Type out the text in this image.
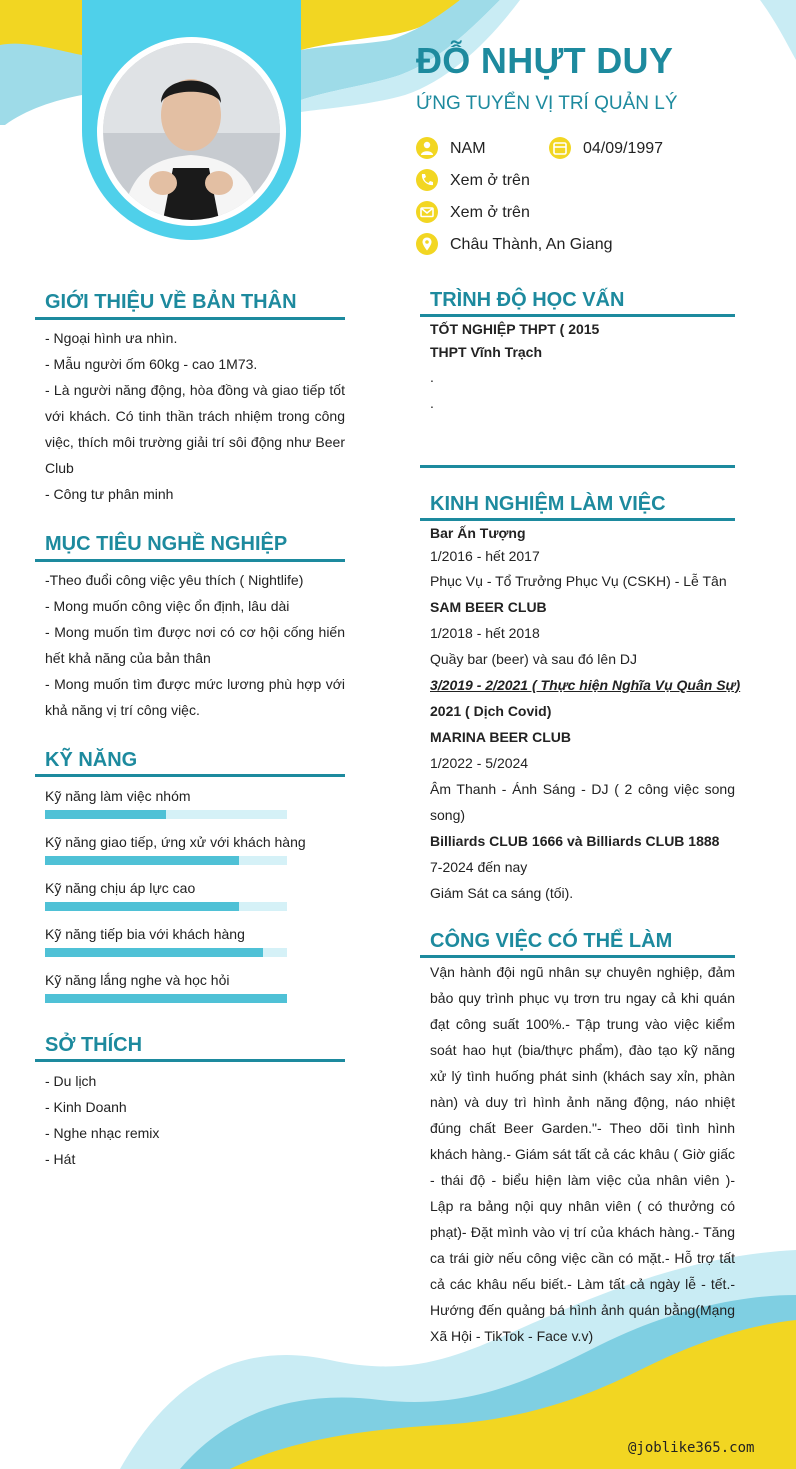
ĐỖ NHỰT DUY
ỨNG TUYỂN VỊ TRÍ QUẢN LÝ
NAM	04/09/1997
Xem ở trên
Xem ở trên
Châu Thành, An Giang
GIỚI THIỆU VỀ BẢN THÂN
- Ngoại hình ưa nhìn.
- Mẫu người ốm 60kg - cao 1M73.
- Là người năng động, hòa đồng và giao tiếp tốt với khách. Có tinh thần trách nhiệm trong công việc, thích môi trường giải trí sôi động như Beer Club
- Công tư phân minh
MỤC TIÊU NGHỀ NGHIỆP
-Theo đuổi công việc yêu thích ( Nightlife)
- Mong muốn công việc ổn định, lâu dài
- Mong muốn tìm được nơi có cơ hội cống hiến hết khả năng của bản thân
- Mong muốn tìm được mức lương phù hợp với khả năng vị trí công việc.
KỸ NĂNG
Kỹ năng làm việc nhóm
Kỹ năng giao tiếp, ứng xử với khách hàng
Kỹ năng chịu áp lực cao
Kỹ năng tiếp bia với khách hàng
Kỹ năng lắng nghe và học hỏi
SỞ THÍCH
- Du lịch
- Kinh Doanh
- Nghe nhạc remix
- Hát
TRÌNH ĐỘ HỌC VẤN
TỐT NGHIỆP THPT ( 2015
THPT Vĩnh Trạch
.
.
KINH NGHIỆM LÀM VIỆC
Bar Ấn Tượng
1/2016 - hết 2017
Phục Vụ - Tổ Trưởng Phục Vụ (CSKH) - Lễ Tân
SAM BEER CLUB
1/2018 - hết 2018
Quầy bar (beer) và sau đó lên DJ
3/2019 - 2/2021 ( Thực hiện Nghĩa Vụ Quân Sự)
2021 ( Dịch Covid)
MARINA BEER CLUB
1/2022 - 5/2024
Âm Thanh - Ánh Sáng - DJ ( 2 công việc song song)
Billiards CLUB 1666 và Billiards CLUB 1888
7-2024 đến nay
Giám Sát ca sáng (tối).
CÔNG VIỆC CÓ THỂ LÀM

Vận hành đội ngũ nhân sự chuyên nghiệp, đảm bảo quy trình phục vụ trơn tru ngay cả khi quán đạt công suất 100%.- Tập trung vào việc kiểm soát hao hụt (bia/thực phẩm), đào tạo kỹ năng xử lý tình huống phát sinh (khách say xỉn, phàn nàn) và duy trì hình ảnh năng động, náo nhiệt đúng chất Beer Garden."- Theo dõi tình hình khách hàng.- Giám sát tất cả các khâu ( Giờ giấc - thái độ - biểu hiện làm việc của nhân viên )- Lập ra bảng nội quy nhân viên ( có thưởng có phạt)- Đặt mình vào vị trí của khách hàng.- Tăng ca trái giờ nếu công việc cần có mặt.- Hỗ trợ tất cả các khâu nếu biết.- Làm tất cả ngày lễ - tết.- Hướng đến quảng bá hình ảnh quán bằng(Mạng Xã Hội - TikTok - Face v.v)

@joblike365.com
